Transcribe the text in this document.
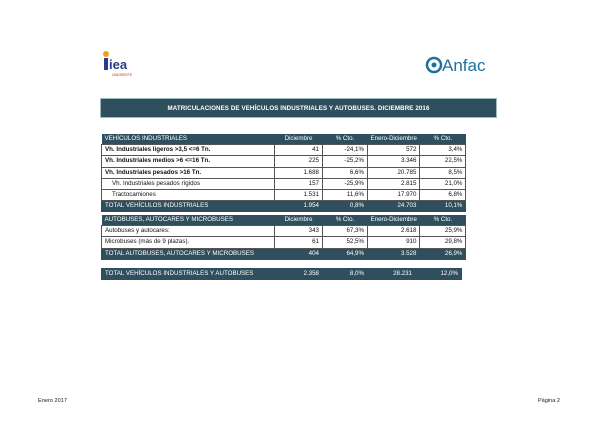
iea
UNDISERTE	Anfac
MATRICULACIONES DE VEHÍCULOS INDUSTRIALES Y AUTOBUSES. DICIEMBRE 2016
VEHÍCULOS INDUSTRIALES	Diciembre	% Cto.	Enero-Diciembre	% Cto.
Vh. Industriales ligeros >3,5 <=6 Tn.	41	-24,1%	572	3,4%
Vh. Industriales medios >6 <=16 Tn.	225	-25,2%	3.346	22,5%
Vh. Industriales pesados >16 Tn.	1.688	6,6%	20.785	8,5%
Vh. Industriales pesados rígidos	157	-25,9%	2.815	21,0%
Tractocamiones	1.531	11,6%	17.970	6,8%
TOTAL VEHÍCULOS INDUSTRIALES	1.954	0,8%	24.703	10,1%
AUTOBUSES, AUTOCARES Y MICROBUSES	Diciembre	% Cto.	Enero-Diciembre	% Cto.
Autobuses y autocares:	343	67,3%	2.618	25,9%
Microbuses (más de 9 plazas).	61	52,5%	910	29,8%
TOTAL AUTOBUSES, AUTOCARES Y MICROBUSES	404	64,9%	3.528	26,9%
TOTAL VEHÍCULOS INDUSTRIALES Y AUTOBUSES	2.358	8,0%	28.231	12,0%
Enero 2017	Página 2
